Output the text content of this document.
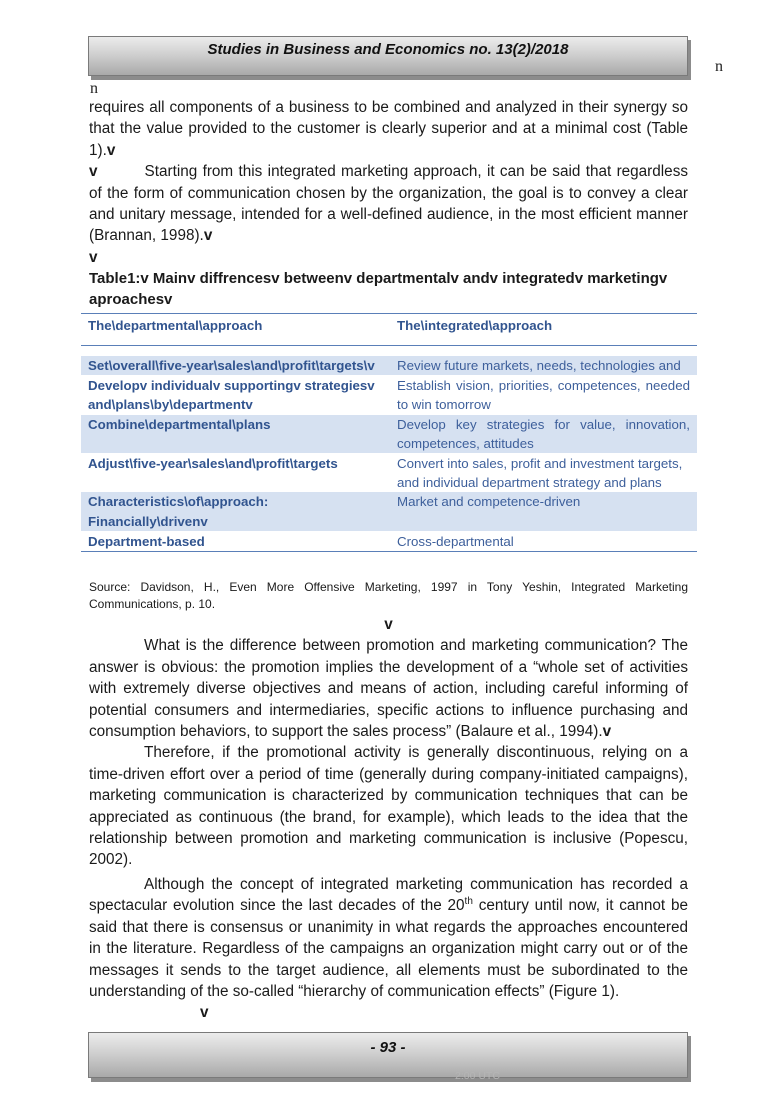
Studies in Business and Economics no. 13(2)/2018
n
n

requires all components of a business to be combined and analyzed in their synergy so that the value provided to the customer is clearly superior and at a minimal cost (Table 1).v

v	Starting from this integrated marketing approach, it can be said that regardless of the form of communication chosen by the organization, the goal is to convey a clear and unitary message, intended for a well-defined audience, in the most efficient manner (Brannan, 1998).v

v

Table1:v Mainv diffrencesv betweenv departmentalv andv integratedv marketingv aproachesv

The\departmental\approach	The\integrated\approach

Set\overall\five-year\sales\and\profit\targets\v	Review future markets, needs, technologies and
Developv individualv supportingv strategiesv and\plans\by\departmentv	Establish vision, priorities, competences, needed to win tomorrow
Combine\departmental\plans	Develop key strategies for value, innovation, competences, attitudes
Adjust\five-year\sales\and\profit\targets	Convert into sales, profit and investment targets,
and individual department strategy and plans

Characteristics\of\approach: Financially\drivenv	Market and competence-driven
Department-based	Cross-departmental
Source: Davidson, H., Even More Offensive Marketing, 1997 in Tony Yeshin, Integrated Marketing Communications, p. 10.

v

What is the difference between promotion and marketing communication? The answer is obvious: the promotion implies the development of a “whole set of activities with extremely diverse objectives and means of action, including careful informing of potential consumers and intermediaries, specific actions to influence purchasing and consumption behaviors, to support the sales process” (Balaure et al., 1994).v

Therefore, if the promotional activity is generally discontinuous, relying on a time-driven effort over a period of time (generally during company-initiated campaigns), marketing communication is characterized by communication techniques that can be appreciated as continuous (the brand, for example), which leads to the idea that the relationship between promotion and marketing communication is inclusive (Popescu, 2002).

Although the concept of integrated marketing communication has recorded a spectacular evolution since the last decades of the 20th century until now, it cannot be said that there is consensus or unanimity in what regards the approaches encountered in the literature. Regardless of the campaigns an organization might carry out or of the messages it sends to the target audience, all elements must be subordinated to the understanding of the so-called “hierarchy of communication effects” (Figure 1).

v

- 93 -
2:00 UTC
